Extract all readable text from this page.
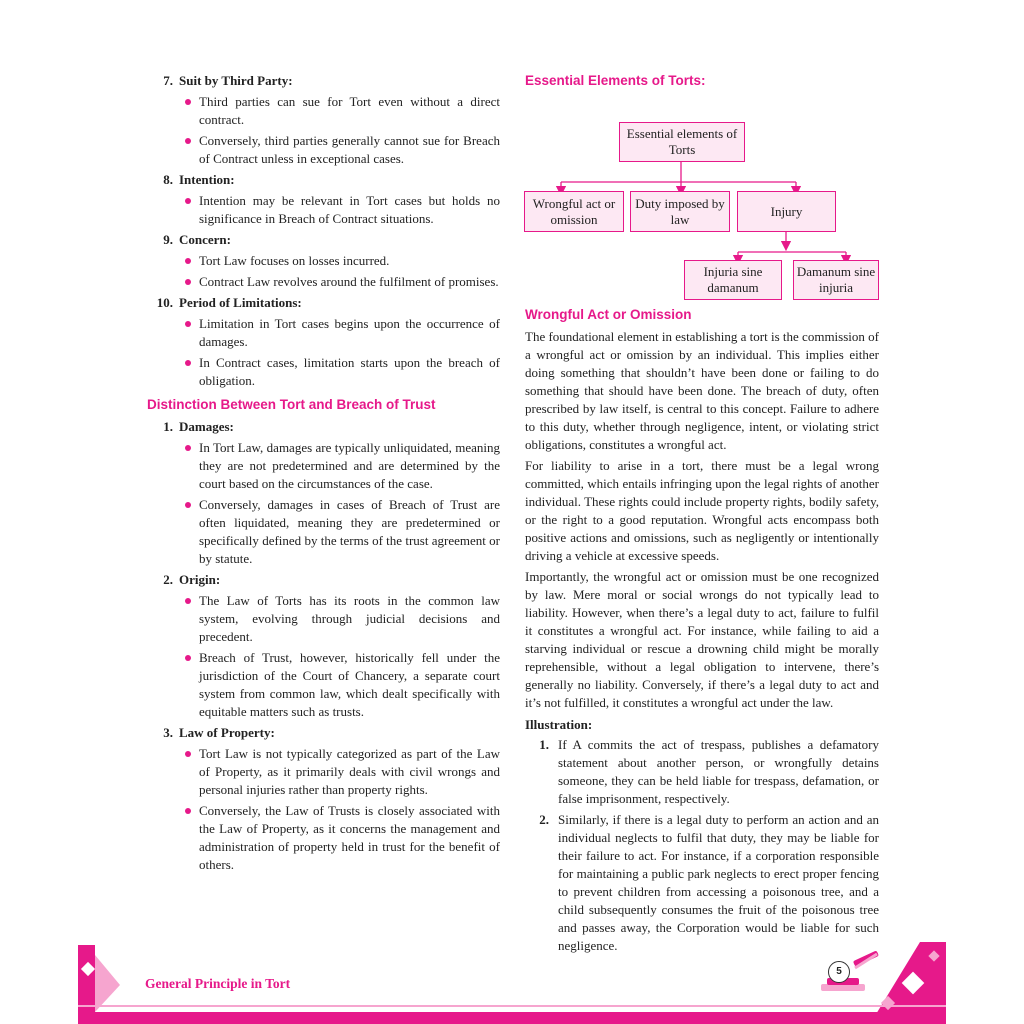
7. Suit by Third Party:
Third parties can sue for Tort even without a direct contract.
Conversely, third parties generally cannot sue for Breach of Contract unless in exceptional cases.
8. Intention:
Intention may be relevant in Tort cases but holds no significance in Breach of Contract situations.
9. Concern:
Tort Law focuses on losses incurred.
Contract Law revolves around the fulfilment of promises.
10. Period of Limitations:
Limitation in Tort cases begins upon the occurrence of damages.
In Contract cases, limitation starts upon the breach of obligation.
Distinction Between Tort and Breach of Trust
1. Damages:
In Tort Law, damages are typically unliquidated, meaning they are not predetermined and are determined by the court based on the circumstances of the case.
Conversely, damages in cases of Breach of Trust are often liquidated, meaning they are predetermined or specifically defined by the terms of the trust agreement or by statute.
2. Origin:
The Law of Torts has its roots in the common law system, evolving through judicial decisions and precedent.
Breach of Trust, however, historically fell under the jurisdiction of the Court of Chancery, a separate court system from common law, which dealt specifically with equitable matters such as trusts.
3. Law of Property:
Tort Law is not typically categorized as part of the Law of Property, as it primarily deals with civil wrongs and personal injuries rather than property rights.
Conversely, the Law of Trusts is closely associated with the Law of Property, as it concerns the management and administration of property held in trust for the benefit of others.
Essential Elements of Torts:
Essential elements of Torts
Wrongful act or omission
Duty imposed by law
Injury
Injuria sine damanum
Damanum sine injuria
Wrongful Act or Omission

The foundational element in establishing a tort is the commission of a wrongful act or omission by an individual. This implies either doing something that shouldn’t have been done or failing to do something that should have been done. The breach of duty, often prescribed by law itself, is central to this concept. Failure to adhere to this duty, whether through negligence, intent, or violating strict obligations, constitutes a wrongful act.

For liability to arise in a tort, there must be a legal wrong committed, which entails infringing upon the legal rights of another individual. These rights could include property rights, bodily safety, or the right to a good reputation. Wrongful acts encompass both positive actions and omissions, such as negligently or intentionally driving a vehicle at excessive speeds.

Importantly, the wrongful act or omission must be one recognized by law. Mere moral or social wrongs do not typically lead to liability. However, when there’s a legal duty to act, failure to fulfil it constitutes a wrongful act. For instance, while failing to aid a starving individual or rescue a drowning child might be morally reprehensible, without a legal obligation to intervene, there’s generally no liability. Conversely, if there’s a legal duty to act and it’s not fulfilled, it constitutes a wrongful act under the law.

Illustration:
1. If A commits the act of trespass, publishes a defamatory statement about another person, or wrongfully detains someone, they can be held liable for trespass, defamation, or false imprisonment, respectively.
2. Similarly, if there is a legal duty to perform an action and an individual neglects to fulfil that duty, they may be liable for their failure to act. For instance, if a corporation responsible for maintaining a public park neglects to erect proper fencing to prevent children from accessing a poisonous tree, and a child subsequently consumes the fruit of the poisonous tree and passes away, the Corporation would be liable for such negligence.
5
General Principle in Tort
